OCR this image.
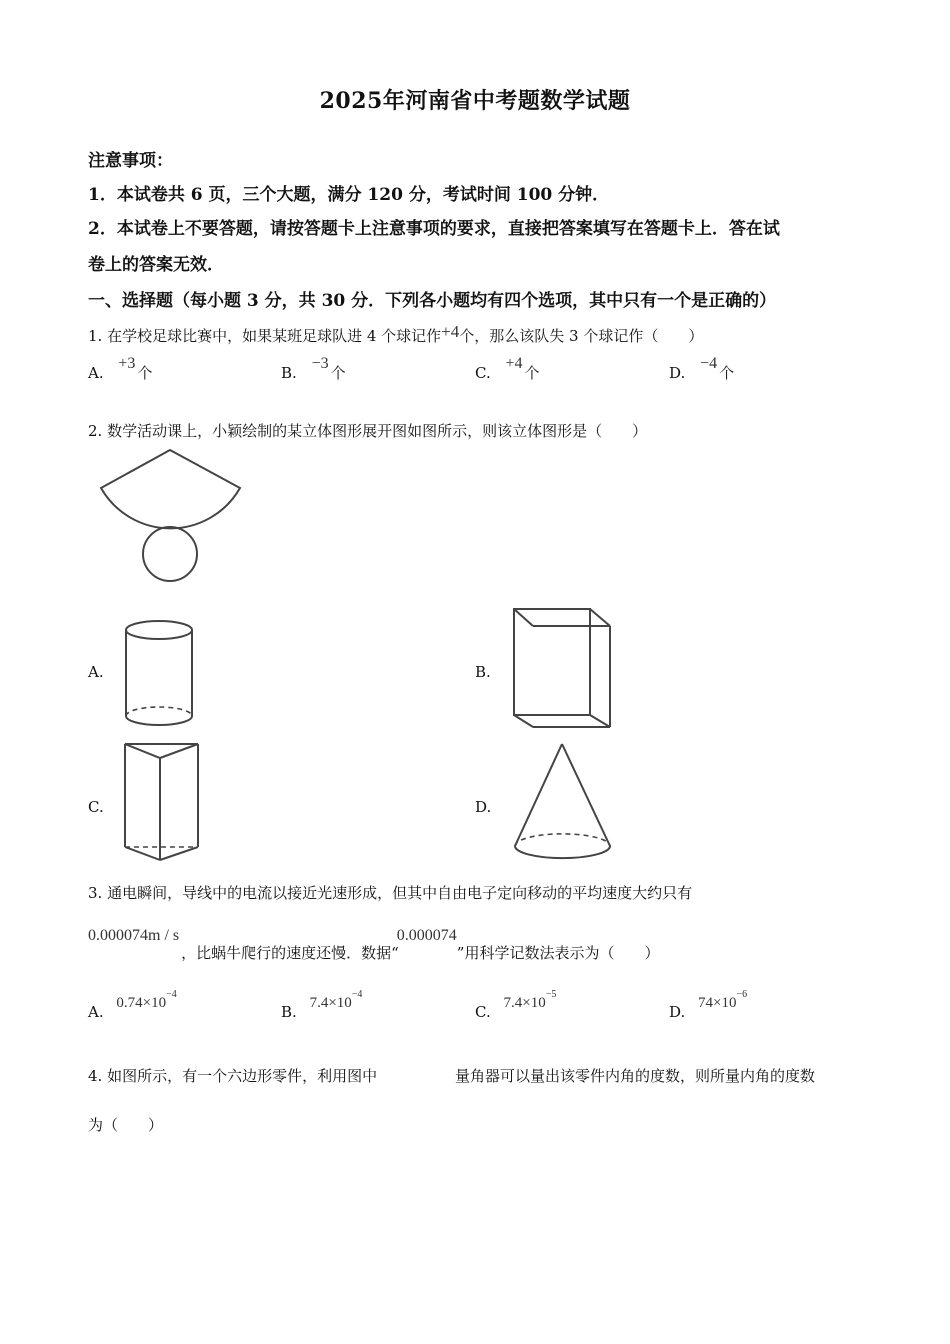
2025年河南省中考题数学试题
注意事项：
1．本试卷共 6 页，三个大题，满分 120 分，考试时间 100 分钟．
2．本试卷上不要答题，请按答题卡上注意事项的要求，直接把答案填写在答题卡上．答在试
卷上的答案无效．
一、选择题（每小题 3 分，共 30 分．下列各小题均有四个选项，其中只有一个是正确的）
1. 在学校足球比赛中，如果某班足球队进 4 个球记作+4个，那么该队失 3 个球记作（　　）
A. +3个	B. −3个	C. +4个	D. −4个
2. 数学活动课上，小颖绘制的某立体图形展开图如图所示，则该立体图形是（　　）
A.	B.
C.	D.
3. 通电瞬间，导线中的电流以接近光速形成，但其中自由电子定向移动的平均速度大约只有
0.000074m / s，比蜗牛爬行的速度还慢．数据“0.000074”用科学记数法表示为（　　）
A. $0.74\times 10^{-4}$
B. $7.4\times 10^{-4}$
C. $7.4\times 10^{-5}$
D. $74\times 10^{-6}$
4. 如图所示，有一个六边形零件，利用图中	量角器可以量出该零件内角的度数，则所量内角的度数
为（　　）
